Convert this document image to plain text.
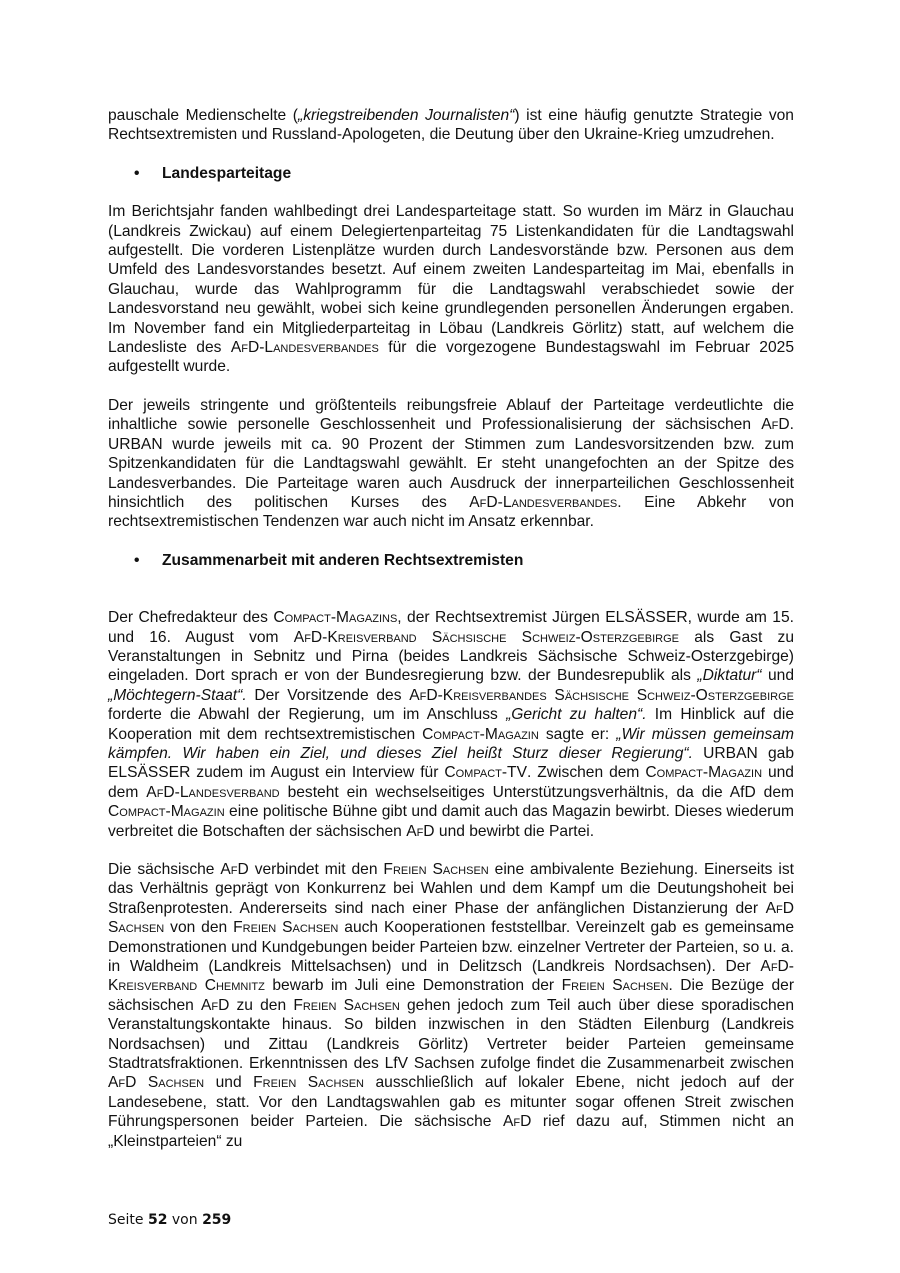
pauschale Medienschelte („kriegstreibenden Journalisten“) ist eine häufig genutzte Strategie von Rechtsextremisten und Russland-Apologeten, die Deutung über den Ukraine-Krieg umzudrehen.

•	Landesparteitage

Im Berichtsjahr fanden wahlbedingt drei Landesparteitage statt. So wurden im März in Glauchau (Landkreis Zwickau) auf einem Delegiertenparteitag 75 Listenkandidaten für die Landtagswahl aufgestellt. Die vorderen Listenplätze wurden durch Landesvorstände bzw. Personen aus dem Umfeld des Landesvorstandes besetzt. Auf einem zweiten Landesparteitag im Mai, ebenfalls in Glauchau, wurde das Wahlprogramm für die Landtagswahl verabschiedet sowie der Landesvorstand neu gewählt, wobei sich keine grundlegenden personellen Änderungen ergaben. Im November fand ein Mitgliederparteitag in Löbau (Landkreis Görlitz) statt, auf welchem die Landesliste des AfD-Landesverbandes für die vorgezogene Bundestagswahl im Februar 2025 aufgestellt wurde.

Der jeweils stringente und größtenteils reibungsfreie Ablauf der Parteitage verdeutlichte die inhaltliche sowie personelle Geschlossenheit und Professionalisierung der sächsischen AfD. URBAN wurde jeweils mit ca. 90 Prozent der Stimmen zum Landesvorsitzenden bzw. zum Spitzenkandidaten für die Landtagswahl gewählt. Er steht unangefochten an der Spitze des Landesverbandes. Die Parteitage waren auch Ausdruck der innerparteilichen Geschlossenheit hinsichtlich des politischen Kurses des AfD-Landesverbandes. Eine Abkehr von rechtsextremistischen Tendenzen war auch nicht im Ansatz erkennbar.

•	Zusammenarbeit mit anderen Rechtsextremisten

Der Chefredakteur des Compact-Magazins, der Rechtsextremist Jürgen ELSÄSSER, wurde am 15. und 16. August vom AfD-Kreisverband Sächsische Schweiz-Osterzgebirge als Gast zu Veranstaltungen in Sebnitz und Pirna (beides Landkreis Sächsische Schweiz-Osterzgebirge) eingeladen. Dort sprach er von der Bundesregierung bzw. der Bundesrepublik als „Diktatur“ und „Möchtegern-Staat“. Der Vorsitzende des AfD-Kreisverbandes Sächsische Schweiz-Osterzgebirge forderte die Abwahl der Regierung, um im Anschluss „Gericht zu halten“. Im Hinblick auf die Kooperation mit dem rechtsextremistischen Compact-Magazin sagte er: „Wir müssen gemeinsam kämpfen. Wir haben ein Ziel, und dieses Ziel heißt Sturz dieser Regierung“. URBAN gab ELSÄSSER zudem im August ein Interview für Compact-TV. Zwischen dem Compact-Magazin und dem AfD-Landesverband besteht ein wechselseitiges Unterstützungsverhältnis, da die AfD dem Compact-Magazin eine politische Bühne gibt und damit auch das Magazin bewirbt. Dieses wiederum verbreitet die Botschaften der sächsischen AfD und bewirbt die Partei.

Die sächsische AfD verbindet mit den Freien Sachsen eine ambivalente Beziehung. Einerseits ist das Verhältnis geprägt von Konkurrenz bei Wahlen und dem Kampf um die Deutungshoheit bei Straßenprotesten. Andererseits sind nach einer Phase der anfänglichen Distanzierung der AfD Sachsen von den Freien Sachsen auch Kooperationen feststellbar. Vereinzelt gab es gemeinsame Demonstrationen und Kundgebungen beider Parteien bzw. einzelner Vertreter der Parteien, so u. a. in Waldheim (Landkreis Mittelsachsen) und in Delitzsch (Landkreis Nordsachsen). Der AfD-Kreisverband Chemnitz bewarb im Juli eine Demonstration der Freien Sachsen. Die Bezüge der sächsischen AfD zu den Freien Sachsen gehen jedoch zum Teil auch über diese sporadischen Veranstaltungskontakte hinaus. So bilden inzwischen in den Städten Eilenburg (Landkreis Nordsachsen) und Zittau (Landkreis Görlitz) Vertreter beider Parteien gemeinsame Stadtratsfraktionen. Erkenntnissen des LfV Sachsen zufolge findet die Zusammenarbeit zwischen AfD Sachsen und Freien Sachsen ausschließlich auf lokaler Ebene, nicht jedoch auf der Landesebene, statt. Vor den Landtagswahlen gab es mitunter sogar offenen Streit zwischen Führungspersonen beider Parteien. Die sächsische AfD rief dazu auf, Stimmen nicht an „Kleinstparteien“ zu

Seite 52 von 259
